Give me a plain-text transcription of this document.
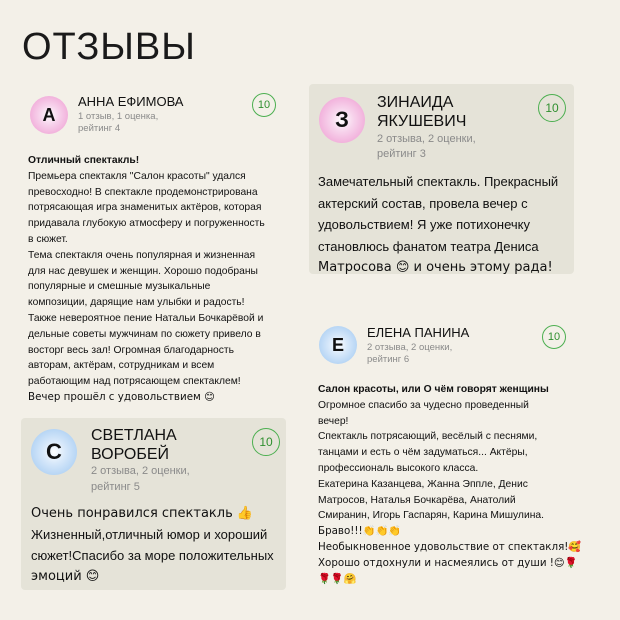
ОТЗЫВЫ
А
АННА ЕФИМОВА
1 отзыв, 1 оценка,
рейтинг 4
10
Отличный спектакль!
Премьера спектакля "Салон красоты" удался
превосходно! В спектакле продемонстрирована
потрясающая игра знаменитых актёров, которая
придавала глубокую атмосферу и погруженность
в сюжет.
Тема спектакля очень популярная и жизненная
для нас девушек и женщин. Хорошо подобраны
популярные и смешные музыкальные
композиции, дарящие нам улыбки и радость!
Также невероятное пение Натальи Бочкарёвой и
дельные советы мужчинам по сюжету привело в
восторг весь зал! Огромная благодарность
авторам, актёрам, сотрудникам и всем
работающим над потрясающем спектаклем!
Вечер прошёл с удовольствием 😊
З
ЗИНАИДА
ЯКУШЕВИЧ
2 отзыва, 2 оценки,
рейтинг 3
10
Замечательный спектакль. Прекрасный
актерский состав, провела вечер с
удовольствием! Я уже потихонечку
становлюсь фанатом театра Дениса
Матросова 😊 и очень этому рада!
С
СВЕТЛАНА
ВОРОБЕЙ
2 отзыва, 2 оценки,
рейтинг 5
10
Очень понравился спектакль 👍
Жизненный,отличный юмор и хороший
сюжет!Спасибо за море положительных
эмоций 😊
Е
ЕЛЕНА ПАНИНА
2 отзыва, 2 оценки,
рейтинг 6
10
Салон красоты, или О чём говорят женщины
Огромное спасибо за чудесно проведенный
вечер!
Спектакль потрясающий, весёлый с песнями,
танцами и есть о чём задуматься... Актёры,
профессиональ высокого класса.
Екатерина Казанцева, Жанна Эппле, Денис
Матросов, Наталья Бочкарёва, Анатолий
Смиранин, Игорь Гаспарян, Карина Мишулина.
Браво!!!👏👏👏
Необыкновенное удовольствие от спектакля!🥰
Хорошо отдохнули и насмеялись от души !😊🌹
🌹🌹🤗
